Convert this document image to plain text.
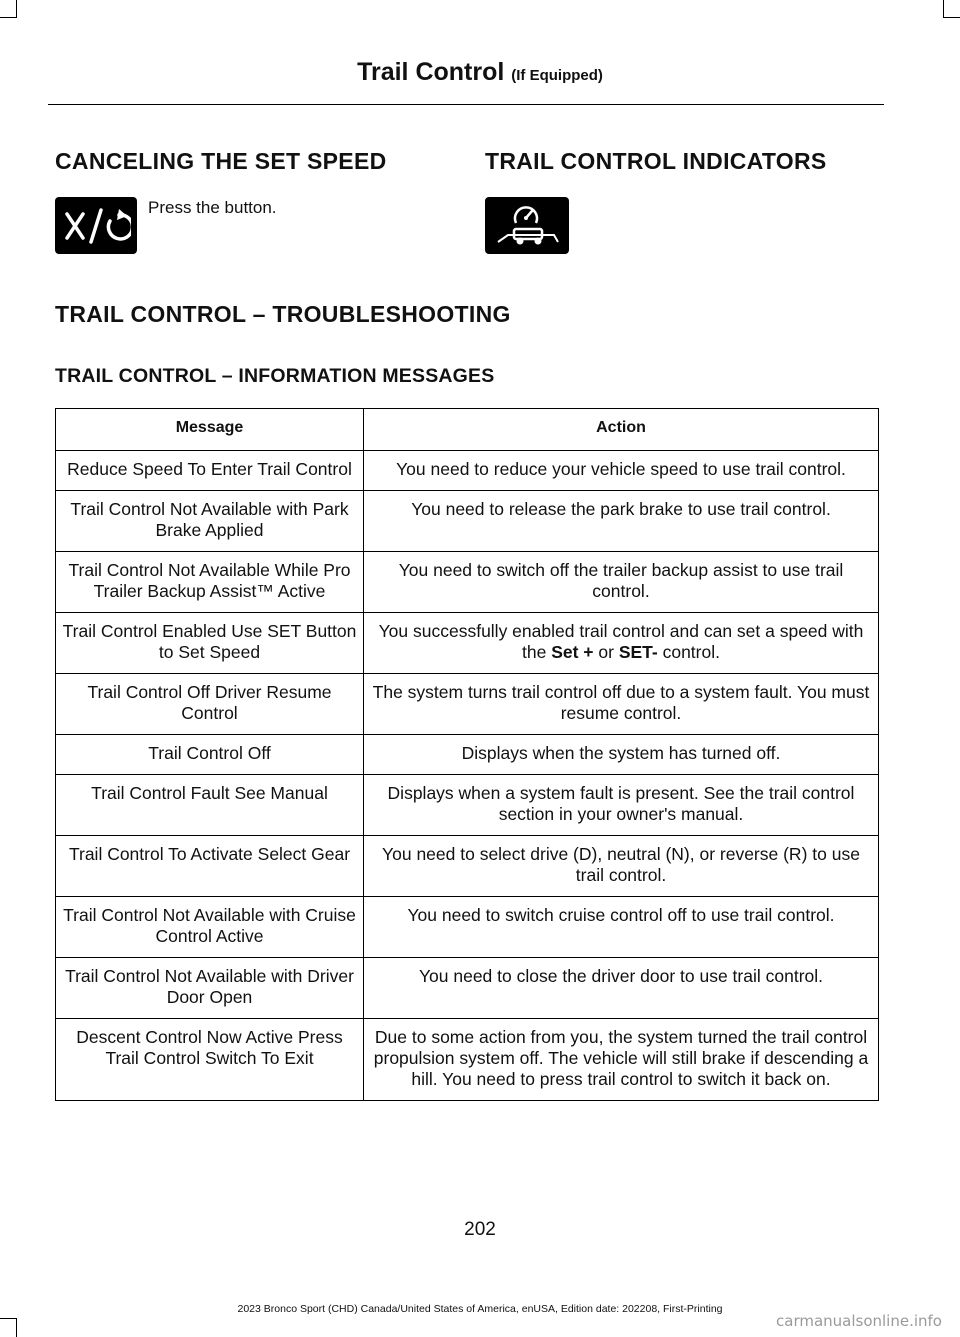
Trail Control (If Equipped)
CANCELING THE SET SPEED
Press the button.
TRAIL CONTROL INDICATORS
TRAIL CONTROL – TROUBLESHOOTING
TRAIL CONTROL – INFORMATION MESSAGES
Message	Action
Reduce Speed To Enter Trail Control	You need to reduce your vehicle speed to use trail control.
Trail Control Not Available with Park Brake Applied	You need to release the park brake to use trail control.
Trail Control Not Available While Pro Trailer Backup Assist™ Active	You need to switch off the trailer backup assist to use trail control.
Trail Control Enabled Use SET Button to Set Speed	You successfully enabled trail control and can set a speed with the Set + or SET- control.
Trail Control Off Driver Resume Control	The system turns trail control off due to a system fault. You must resume control.
Trail Control Off	Displays when the system has turned off.
Trail Control Fault See Manual	Displays when a system fault is present. See the trail control section in your owner's manual.
Trail Control To Activate Select Gear	You need to select drive (D), neutral (N), or reverse (R) to use trail control.
Trail Control Not Available with Cruise Control Active	You need to switch cruise control off to use trail control.
Trail Control Not Available with Driver Door Open	You need to close the driver door to use trail control.
Descent Control Now Active Press Trail Control Switch To Exit	Due to some action from you, the system turned the trail control propulsion system off. The vehicle will still brake if descending a hill. You need to press trail control to switch it back on.
202
2023 Bronco Sport (CHD) Canada/United States of America, enUSA, Edition date: 202208, First-Printing
carmanualsonline.info
